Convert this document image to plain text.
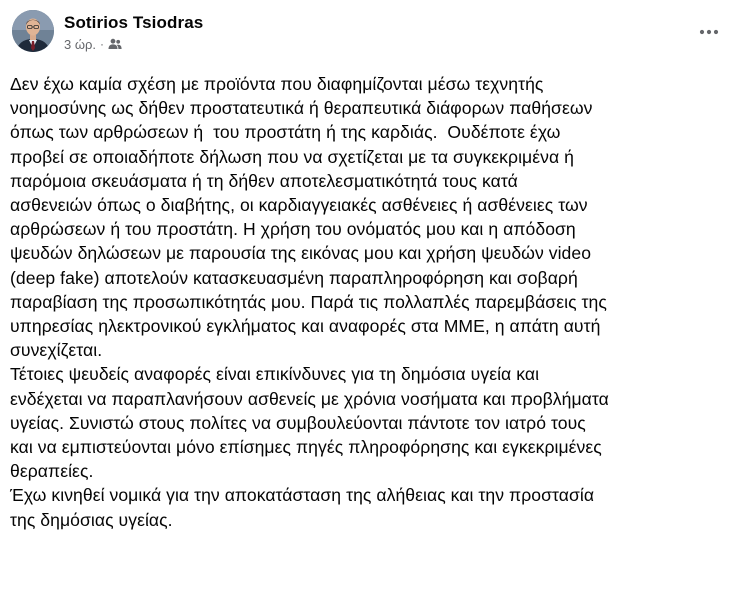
Sotirios Tsiodras
3 ώρ. ·

Δεν έχω καμία σχέση με προϊόντα που διαφημίζονται μέσω τεχνητής
νοημοσύνης ως δήθεν προστατευτικά ή θεραπευτικά διάφορων παθήσεων
όπως των αρθρώσεων ή  του προστάτη ή της καρδιάς.  Ουδέποτε έχω
προβεί σε οποιαδήποτε δήλωση που να σχετίζεται με τα συγκεκριμένα ή
παρόμοια σκευάσματα ή τη δήθεν αποτελεσματικότητά τους κατά
ασθενειών όπως ο διαβήτης, οι καρδιαγγειακές ασθένειες ή ασθένειες των
αρθρώσεων ή του προστάτη. Η χρήση του ονόματός μου και η απόδοση
ψευδών δηλώσεων με παρουσία της εικόνας μου και χρήση ψευδών video
(deep fake) αποτελούν κατασκευασμένη παραπληροφόρηση και σοβαρή
παραβίαση της προσωπικότητάς μου. Παρά τις πολλαπλές παρεμβάσεις της
υπηρεσίας ηλεκτρονικού εγκλήματος και αναφορές στα ΜΜΕ, η απάτη αυτή
συνεχίζεται.

Τέτοιες ψευδείς αναφορές είναι επικίνδυνες για τη δημόσια υγεία και
ενδέχεται να παραπλανήσουν ασθενείς με χρόνια νοσήματα και προβλήματα
υγείας. Συνιστώ στους πολίτες να συμβουλεύονται πάντοτε τον ιατρό τους
και να εμπιστεύονται μόνο επίσημες πηγές πληροφόρησης και εγκεκριμένες
θεραπείες.

Έχω κινηθεί νομικά για την αποκατάσταση της αλήθειας και την προστασία
της δημόσιας υγείας.
